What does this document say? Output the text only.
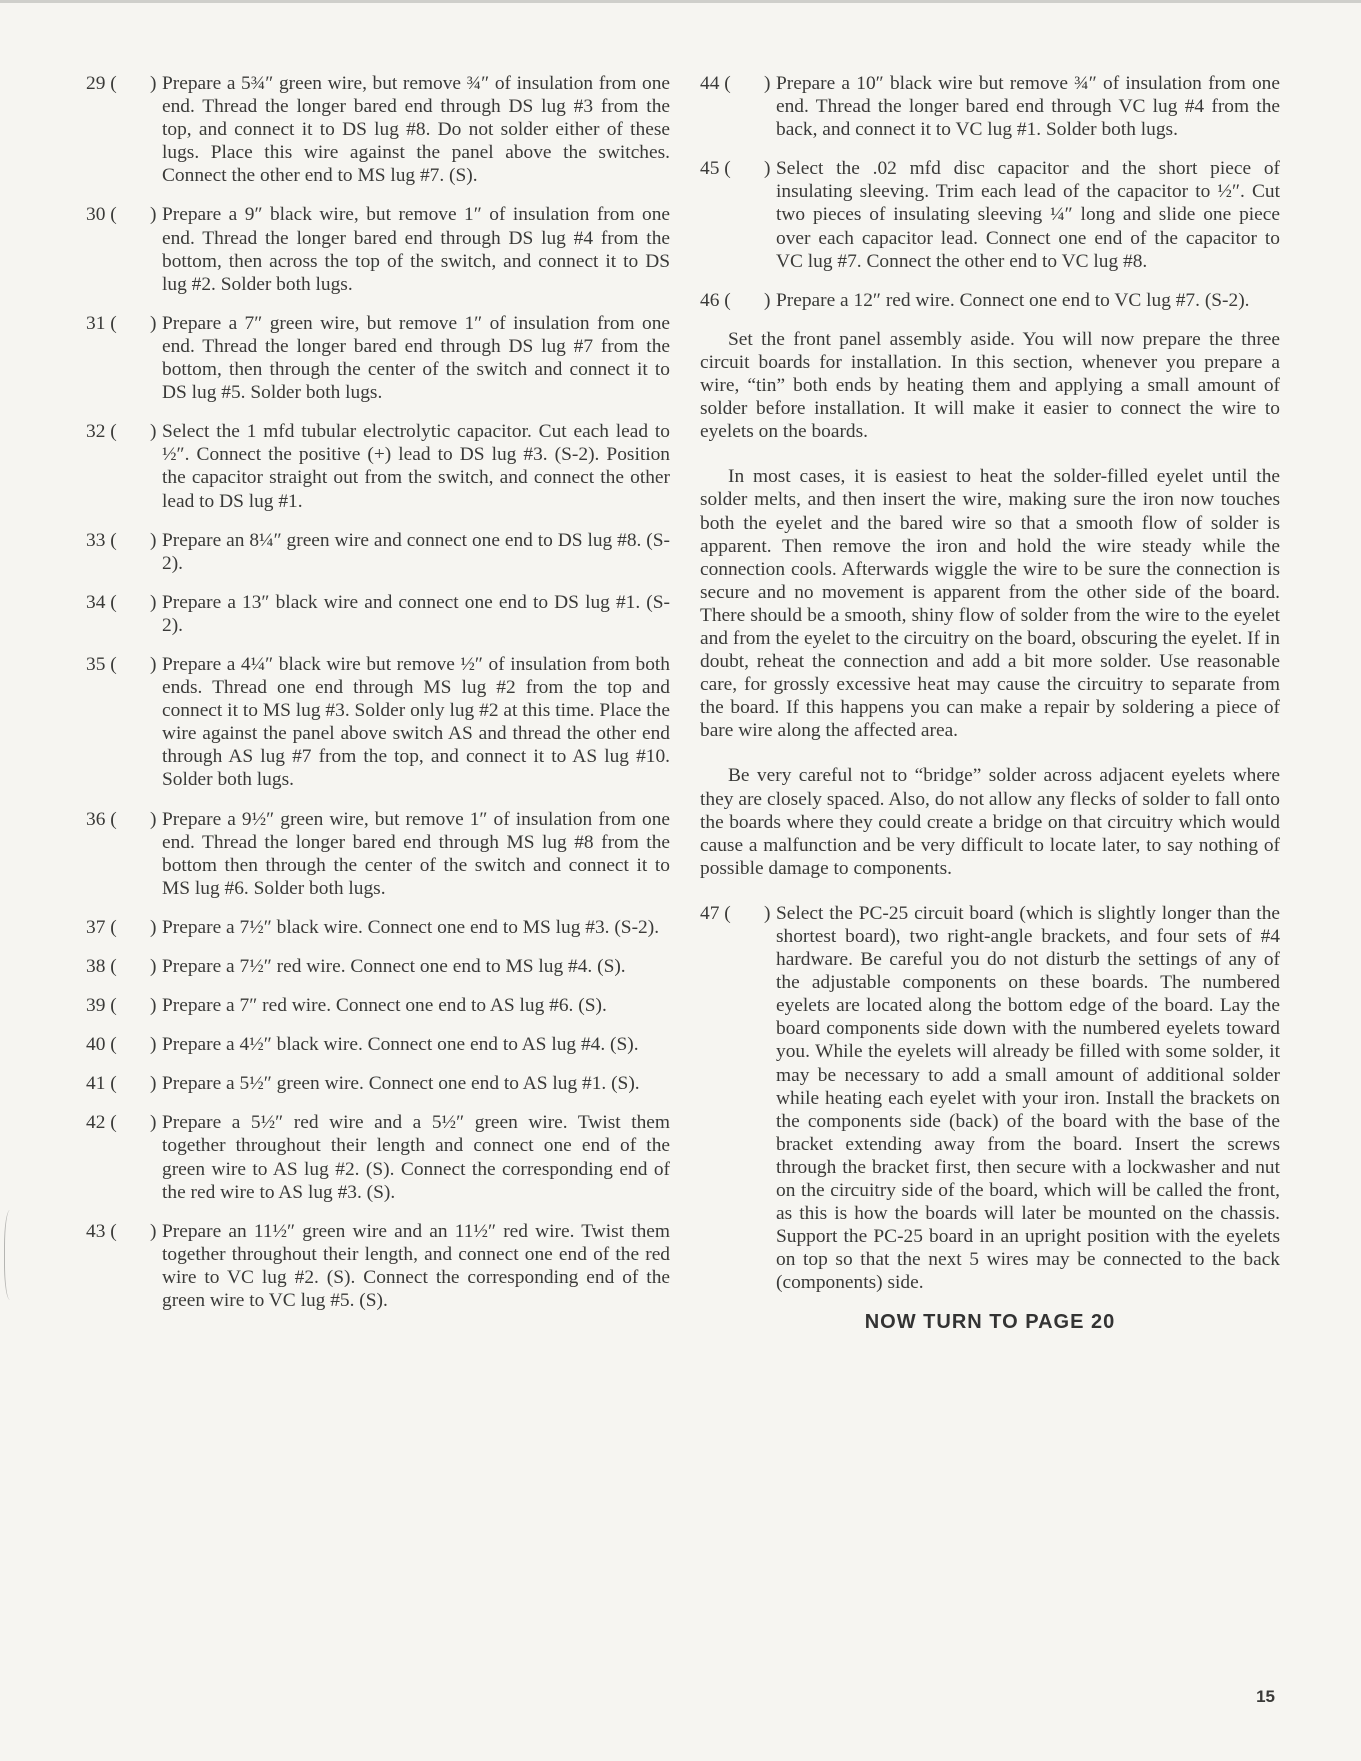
29 ( ) Prepare a 5¾″ green wire, but remove ¾″ of insulation from one end. Thread the longer bared end through DS lug #3 from the top, and connect it to DS lug #8. Do not solder either of these lugs. Place this wire against the panel above the switches. Connect the other end to MS lug #7. (S).
30 ( ) Prepare a 9″ black wire, but remove 1″ of insulation from one end. Thread the longer bared end through DS lug #4 from the bottom, then across the top of the switch, and connect it to DS lug #2. Solder both lugs.
31 ( ) Prepare a 7″ green wire, but remove 1″ of insulation from one end. Thread the longer bared end through DS lug #7 from the bottom, then through the center of the switch and connect it to DS lug #5. Solder both lugs.
32 ( ) Select the 1 mfd tubular electrolytic capacitor. Cut each lead to ½″. Connect the positive (+) lead to DS lug #3. (S-2). Position the capacitor straight out from the switch, and connect the other lead to DS lug #1.
33 ( ) Prepare an 8¼″ green wire and connect one end to DS lug #8. (S-2).
34 ( ) Prepare a 13″ black wire and connect one end to DS lug #1. (S-2).
35 ( ) Prepare a 4¼″ black wire but remove ½″ of insulation from both ends. Thread one end through MS lug #2 from the top and connect it to MS lug #3. Solder only lug #2 at this time. Place the wire against the panel above switch AS and thread the other end through AS lug #7 from the top, and connect it to AS lug #10. Solder both lugs.
36 ( ) Prepare a 9½″ green wire, but remove 1″ of insulation from one end. Thread the longer bared end through MS lug #8 from the bottom then through the center of the switch and connect it to MS lug #6. Solder both lugs.
37 ( ) Prepare a 7½″ black wire. Connect one end to MS lug #3. (S-2).
38 ( ) Prepare a 7½″ red wire. Connect one end to MS lug #4. (S).
39 ( ) Prepare a 7″ red wire. Connect one end to AS lug #6. (S).
40 ( ) Prepare a 4½″ black wire. Connect one end to AS lug #4. (S).
41 ( ) Prepare a 5½″ green wire. Connect one end to AS lug #1. (S).
42 ( ) Prepare a 5½″ red wire and a 5½″ green wire. Twist them together throughout their length and connect one end of the green wire to AS lug #2. (S). Connect the corresponding end of the red wire to AS lug #3. (S).
43 ( ) Prepare an 11½″ green wire and an 11½″ red wire. Twist them together throughout their length, and connect one end of the red wire to VC lug #2. (S). Connect the corresponding end of the green wire to VC lug #5. (S).
44 ( ) Prepare a 10″ black wire but remove ¾″ of insulation from one end. Thread the longer bared end through VC lug #4 from the back, and connect it to VC lug #1. Solder both lugs.
45 ( ) Select the .02 mfd disc capacitor and the short piece of insulating sleeving. Trim each lead of the capacitor to ½″. Cut two pieces of insulating sleeving ¼″ long and slide one piece over each capacitor lead. Connect one end of the capacitor to VC lug #7. Connect the other end to VC lug #8.
46 ( ) Prepare a 12″ red wire. Connect one end to VC lug #7. (S-2).

Set the front panel assembly aside. You will now prepare the three circuit boards for installation. In this section, whenever you prepare a wire, “tin” both ends by heating them and applying a small amount of solder before installation. It will make it easier to connect the wire to eyelets on the boards.

In most cases, it is easiest to heat the solder-filled eyelet until the solder melts, and then insert the wire, making sure the iron now touches both the eyelet and the bared wire so that a smooth flow of solder is apparent. Then remove the iron and hold the wire steady while the connection cools. Afterwards wiggle the wire to be sure the connection is secure and no movement is apparent from the other side of the board. There should be a smooth, shiny flow of solder from the wire to the eyelet and from the eyelet to the circuitry on the board, obscuring the eyelet. If in doubt, reheat the connection and add a bit more solder. Use reasonable care, for grossly excessive heat may cause the circuitry to separate from the board. If this happens you can make a repair by soldering a piece of bare wire along the affected area.

Be very careful not to “bridge” solder across adjacent eyelets where they are closely spaced. Also, do not allow any flecks of solder to fall onto the boards where they could create a bridge on that circuitry which would cause a malfunction and be very difficult to locate later, to say nothing of possible damage to components.

47 ( ) Select the PC-25 circuit board (which is slightly longer than the shortest board), two right-angle brackets, and four sets of #4 hardware. Be careful you do not disturb the settings of any of the adjustable components on these boards. The numbered eyelets are located along the bottom edge of the board. Lay the board components side down with the numbered eyelets toward you. While the eyelets will already be filled with some solder, it may be necessary to add a small amount of additional solder while heating each eyelet with your iron. Install the brackets on the components side (back) of the board with the base of the bracket extending away from the board. Insert the screws through the bracket first, then secure with a lockwasher and nut on the circuitry side of the board, which will be called the front, as this is how the boards will later be mounted on the chassis. Support the PC-25 board in an upright position with the eyelets on top so that the next 5 wires may be connected to the back (components) side.
NOW TURN TO PAGE 20
15
